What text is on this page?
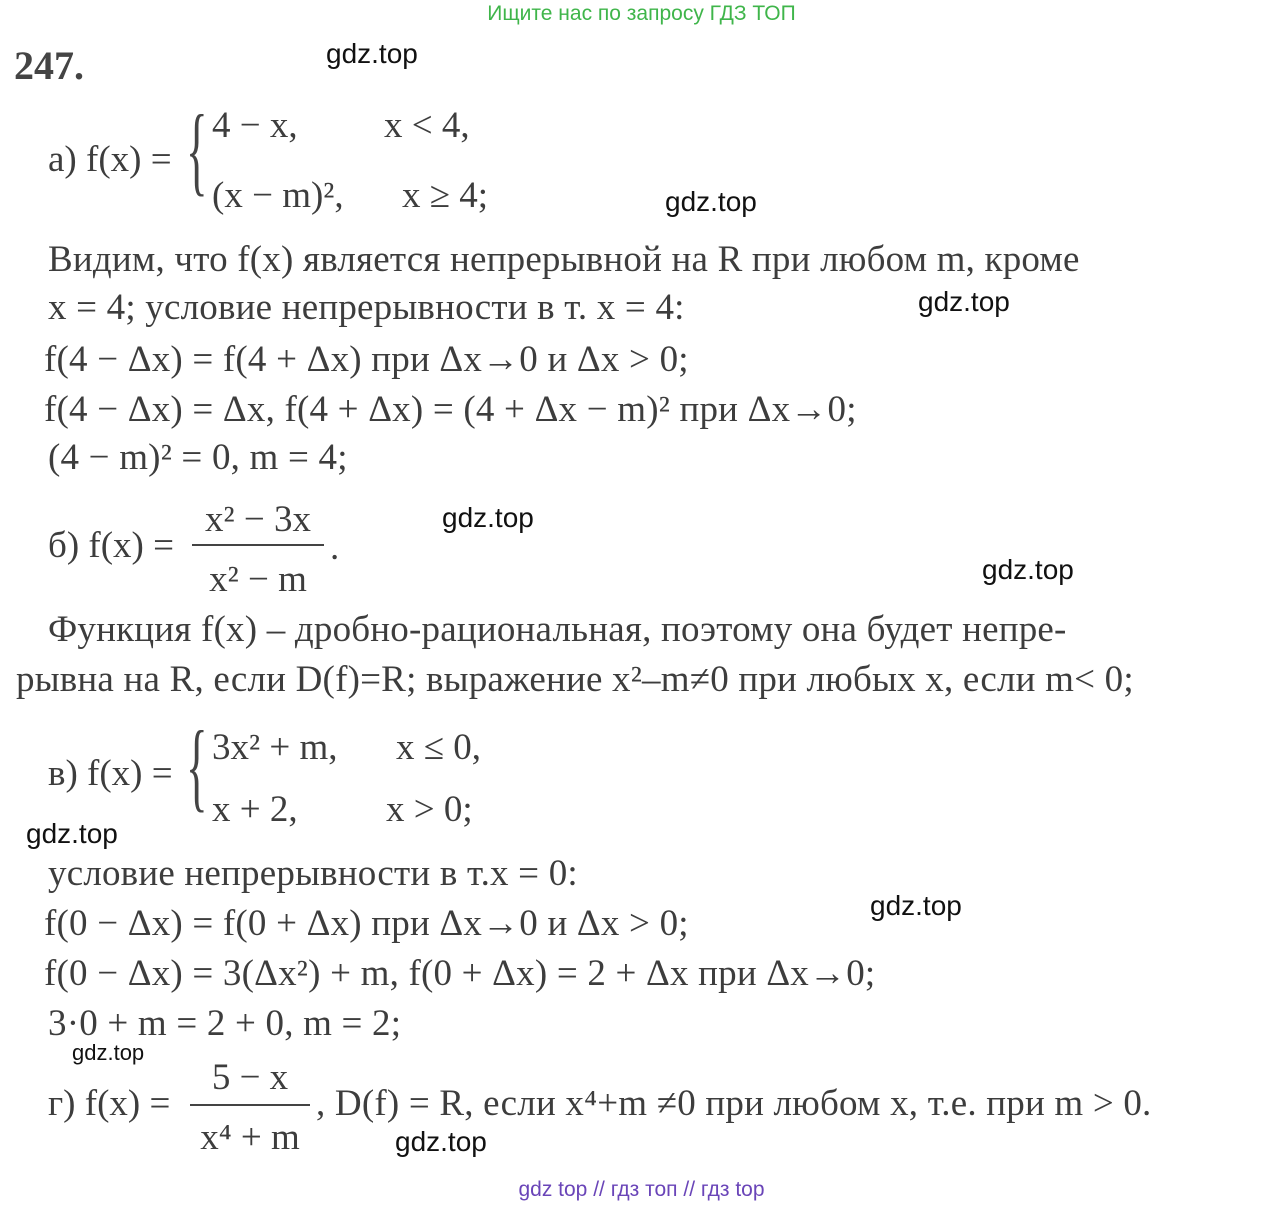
Ищите нас по запросу ГДЗ ТОП
247.	gdz.top
gdz.top
gdz.top
gdz.top
gdz.top
gdz.top
gdz.top
gdz.top
gdz.top
а) f(x) = { 4 − x, x < 4,
(x − m)², x ≥ 4;
Видим, что f(x) является непрерывной на R при любом m, кроме
x = 4; условие непрерывности в т. x = 4:
f(4 − Δx) = f(4 + Δx) при Δx→0 и Δx > 0;
f(4 − Δx) = Δx, f(4 + Δx) = (4 + Δx − m)² при Δx→0;
(4 − m)² = 0, m = 4;
б) f(x) =
x² − 3x
x² − m
.
Функция f(x) – дробно-рациональная, поэтому она будет непре-
рывна на R, если D(f)=R; выражение x²–m≠0 при любых x, если m< 0;
в) f(x) = { 3x² + m, x ≤ 0,
x + 2, x > 0;
условие непрерывности в т.x = 0:
f(0 − Δx) = f(0 + Δx) при Δx→0 и Δx > 0;
f(0 − Δx) = 3(Δx²) + m, f(0 + Δx) = 2 + Δx при Δx→0;
3·0 + m = 2 + 0, m = 2;
г) f(x) =
5 − x
x⁴ + m
, D(f) = R, если x⁴+m ≠0 при любом x, т.е. при m > 0.
gdz top // гдз топ // гдз top
